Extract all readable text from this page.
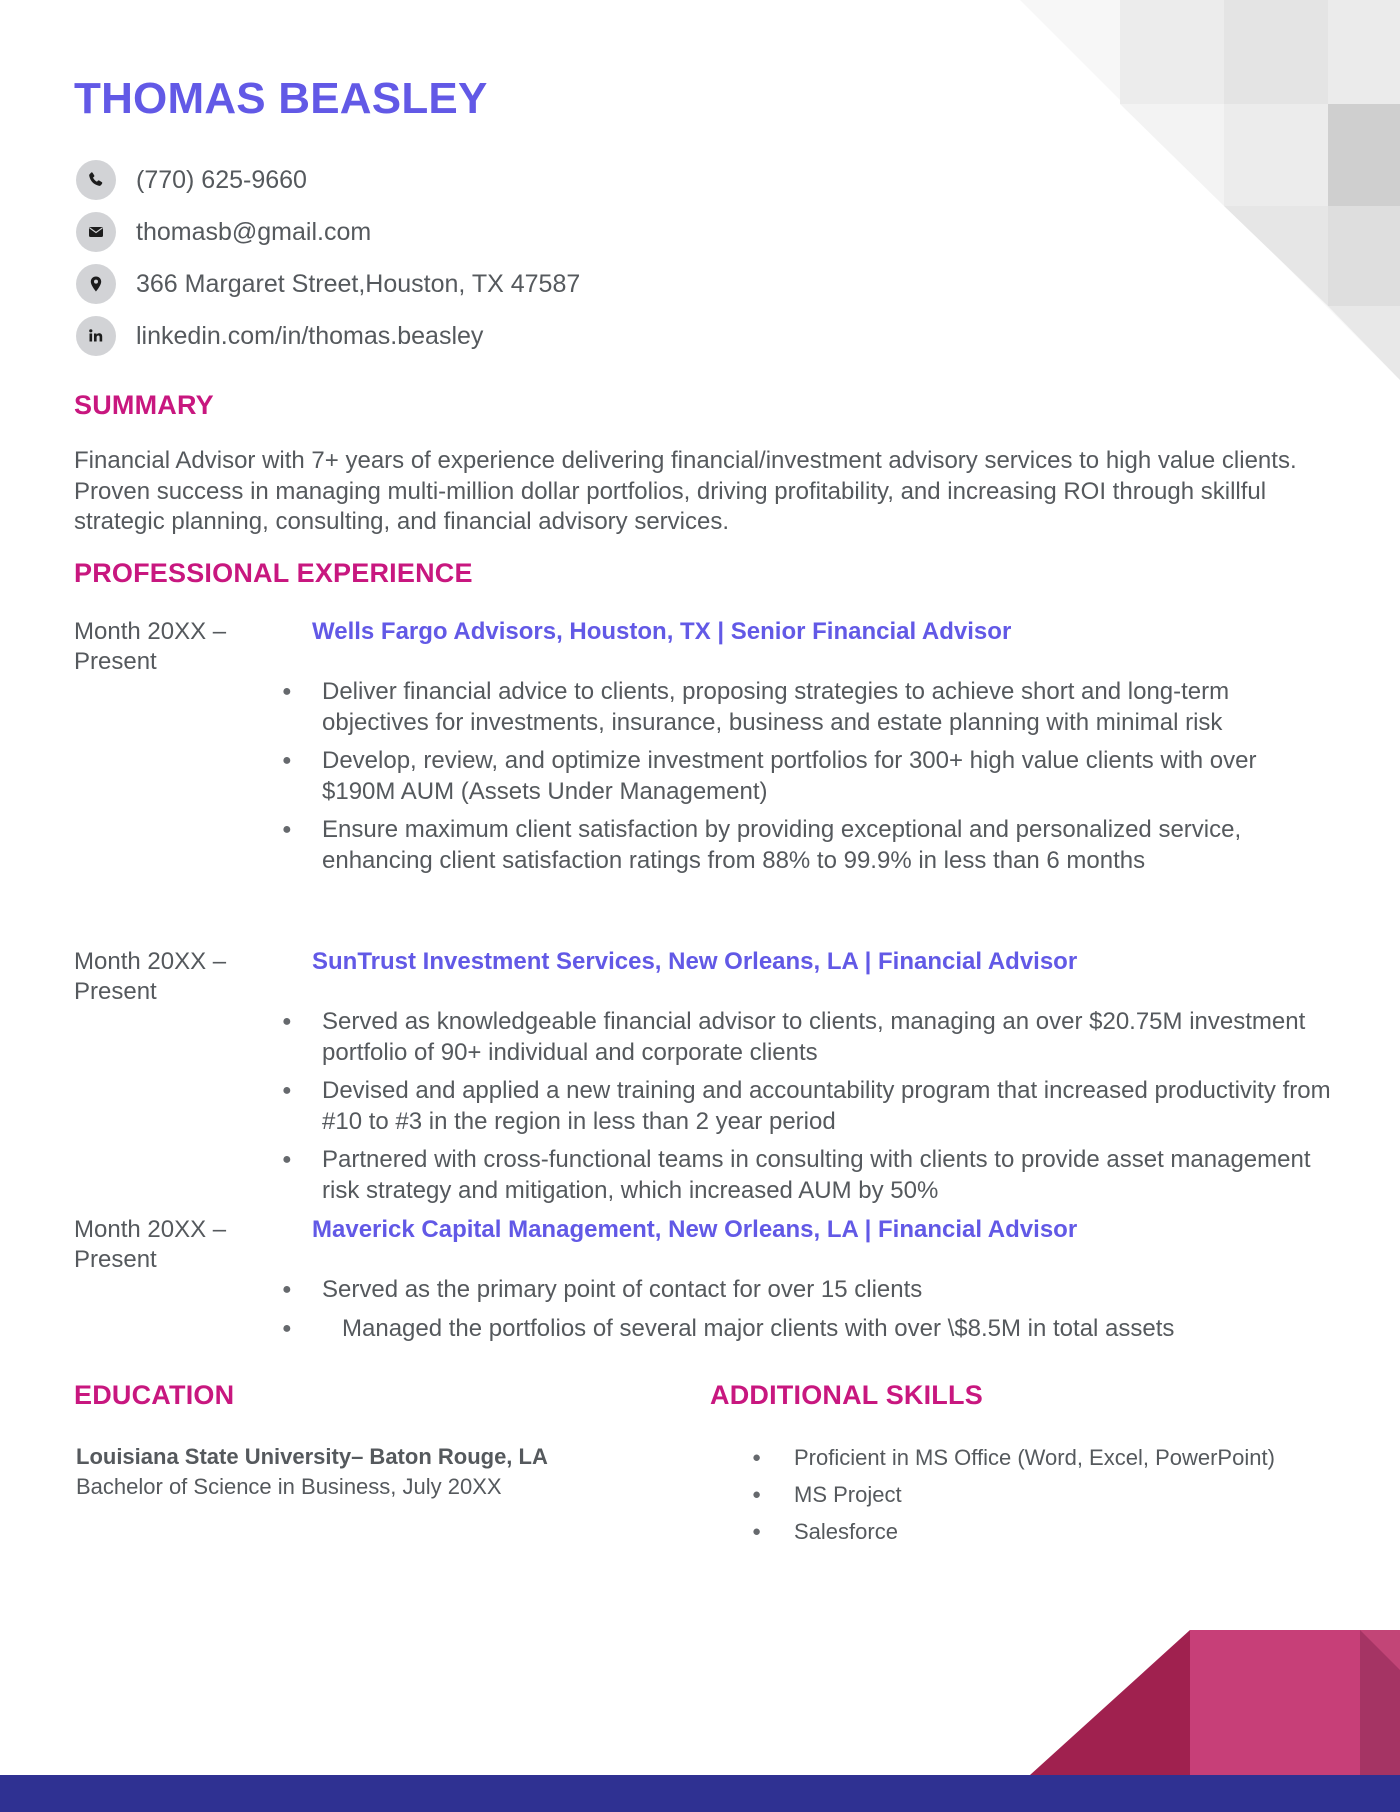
THOMAS BEASLEY
(770) 625-9660
thomasb@gmail.com
366 Margaret Street,Houston, TX 47587
linkedin.com/in/thomas.beasley
SUMMARY

Financial Advisor with 7+ years of experience delivering financial/investment advisory services to high value clients. Proven success in managing multi-million dollar portfolios, driving profitability, and increasing ROI through skillful strategic planning, consulting, and financial advisory services.

PROFESSIONAL EXPERIENCE
Month 20XX – Present
Wells Fargo Advisors, Houston, TX | Senior Financial Advisor
● Deliver financial advice to clients, proposing strategies to achieve short and long-term objectives for investments, insurance, business and estate planning with minimal risk
● Develop, review, and optimize investment portfolios for 300+ high value clients with over $190M AUM (Assets Under Management)
● Ensure maximum client satisfaction by providing exceptional and personalized service, enhancing client satisfaction ratings from 88% to 99.9% in less than 6 months
Month 20XX – Present
SunTrust Investment Services, New Orleans, LA | Financial Advisor
● Served as knowledgeable financial advisor to clients, managing an over $20.75M investment portfolio of 90+ individual and corporate clients
● Devised and applied a new training and accountability program that increased productivity from #10 to #3 in the region in less than 2 year period
● Partnered with cross-functional teams in consulting with clients to provide asset management risk strategy and mitigation, which increased AUM by 50%
Month 20XX – Present
Maverick Capital Management, New Orleans, LA | Financial Advisor
● Served as the primary point of contact for over 15 clients
●    Managed the portfolios of several major clients with over \$8.5M in total assets
EDUCATION
Louisiana State University– Baton Rouge, LA
Bachelor of Science in Business, July 20XX
ADDITIONAL SKILLS
● Proficient in MS Office (Word, Excel, PowerPoint)
● MS Project
● Salesforce
